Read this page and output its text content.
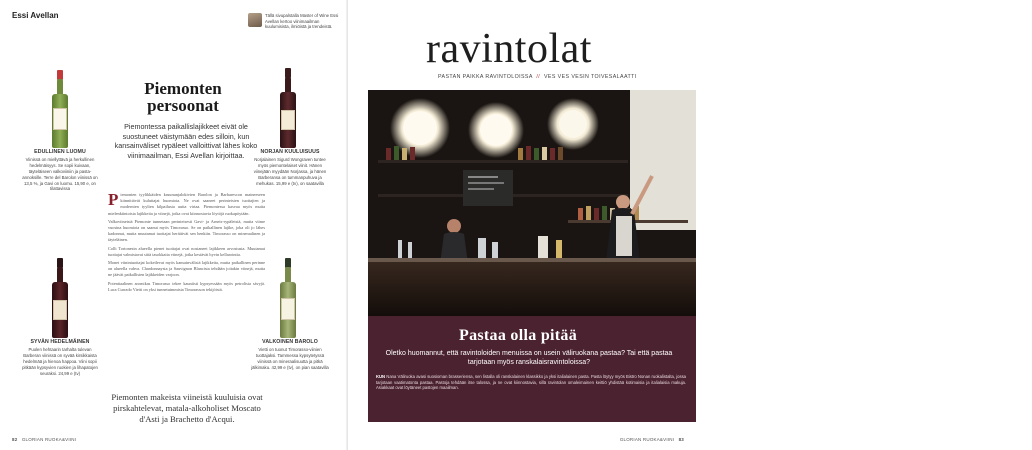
Essi Avellan
Piemonten
persoonat
Piemontessa paikallislajikkeet eivät ole suostuneet väistymään edes silloin, kun kansainväliset rypäleet valloittivat lähes koko viinimaailman, Essi Avellan kirjoittaa.
P iemonten tyylikkäiden kruununjalokivien Barolon ja Barbarescon maineeseen kiinnittävät kuluttajat huomiota. Ne ovat saaneet perinteisten tuottajien ja modernien tyylien kilpailusta uutta virtaa. Piemontessa kasvaa myös muita mielenkiintoisia lajikkeita ja viinejä, jotka ovat kiinnostavia löytöjä ruokapöytään.

Valkoviineistä Piemonte tunnetaan perinteisesti Gavi- ja Arneis-rypäleistä, mutta viime vuosina huomiota on saanut myös Timorasso. Se on paikallinen lajike, joka oli jo lähes kadonnut, mutta muutamat tuottajat herättivät sen henkiin. Timorasso on mineraalinen ja täyteläinen.

Colli Tortonesin alueella pienet tuottajat ovat nostaneet lajikkeen arvostusta. Muutamat tuottajat valmistavat siitä tasokkaita viinejä, jotka kestävät hyvin kellarointia.

Monet viinintuottajat kokeilevat myös kansainvälisiä lajikkeita, mutta paikallinen perinne on alueella vahva. Chardonnaysta ja Sauvignon Blancista tehdään joitakin viinejä, mutta ne jäävät paikallisten lajikkeiden varjoon.

Potentiaalinen aromikas Timorasso tekee kauniisti kypsyessään myös petrolisia sävyjä. Luca Currado Vietti on yksi tunnetuimmista Timorasson tekijöistä.

Piemonten makeista viineistä kuuluisia ovat pirskahtelevat, matala-alkoholiset Moscato d'Asti ja Brachetto d'Acqui.
Tällä sivupalstalla Master of Wine Essi Avellan kertoo viinimaailman kuulumisista, ilmiöistä ja trendeistä.
EDULLINEN LUOMU
Viinissä on miellyttävä ja herkullinen hedelmäisyys. Se sopii kuivaan, täyteläiseen valkoviiniin ja pasta-annoksille. Terre del Barolon viinissä on 13,5 %, ja Gavi on luomu. 15,90 e, on tilattavissa
NORJAN KUULUISUUS
Norjalainen Sigurd Wongraven tuntee myös piemontelaiset viinit. Hänen viinejään myydään Norjassa, ja hänen Barberansa on tummanpuhuva ja mehukas. 15,99 e (tv), on saatavilla
SYVÄN HEDELMÄINEN
Puolen hehtaarin tarhalta tulevan Barberan viinissä on syvää kirsikkaista hedelmää ja hienoa happoa. Viini sopii pitkään kypsyvien ruokien ja lihapatojen seuraksi. 24,99 e (tv)
VALKOINEN BAROLO
Vietti on tuonut Timorasso-viinien tuottajaksi. Tammessa kypsytetyssä viinissä on mineraalisuutta ja pitkä jälkimaku. 42,99 e (tv), on pian saatavilla
82 GLORIAN RUOKA&VIINI
ravintolat
PASTAN PAIKKA RAVINTOLOISSA // VES VES VESIN TOIVESALAATTI
Third Pacoessa tarjoilijat ottavat hetkessä osansa.
Pastaa olla pitää
Oletko huomannut, että ravintoloiden menuissa on usein väliruokana pastaa? Tai että pastaa tarjotaan myös ranskalaisravintoloissa?
KUN Nana Väliruoka avasi suosioman brasseriensa, sen listalla oli ranskalainen klassikko ja yksi italialainen pasta. Pasta löytyy myös Bistro Nonan ruokalistalta, jossa tarjotaan vaatimatonta pastaa. Pastoja tehdään itse talossa, ja ne ovat kiinnostavia, sillä ravintolan omaleimainen keittiö yhdistää kotimaisia ja italialaisia makuja. Asiakkaat ovat löytäneet pastojen maailman.
GLORIAN RUOKA&VIINI 83
